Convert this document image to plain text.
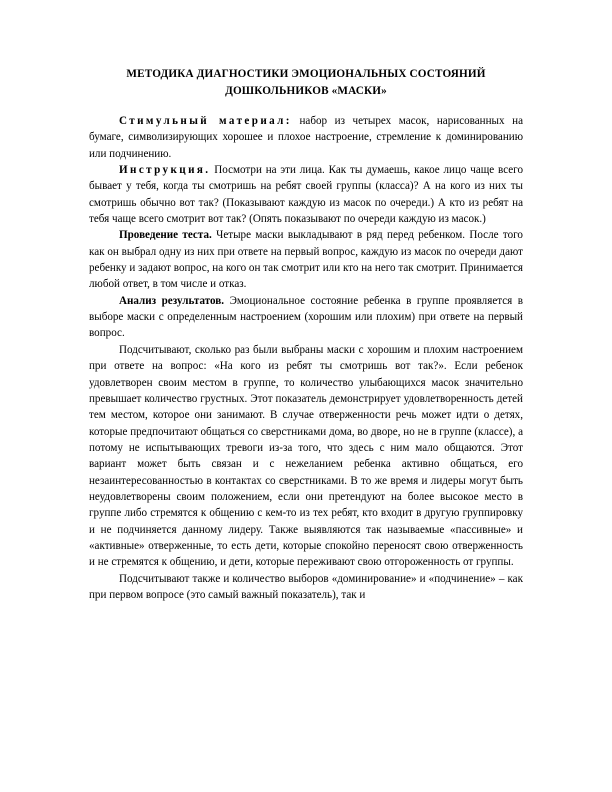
МЕТОДИКА ДИАГНОСТИКИ ЭМОЦИОНАЛЬНЫХ СОСТОЯНИЙ ДОШКОЛЬНИКОВ «МАСКИ»

Стимульный материал: набор из четырех масок, нарисованных на бумаге, символизирующих хорошее и плохое настроение, стремление к доминированию или подчинению.

Инструкция. Посмотри на эти лица. Как ты думаешь, какое лицо чаще всего бывает у тебя, когда ты смотришь на ребят своей группы (класса)? А на кого из них ты смотришь обычно вот так? (Показывают каждую из масок по очереди.) А кто из ребят на тебя чаще всего смотрит вот так? (Опять показывают по очереди каждую из масок.)

Проведение теста. Четыре маски выкладывают в ряд перед ребенком. После того как он выбрал одну из них при ответе на первый вопрос, каждую из масок по очереди дают ребенку и задают вопрос, на кого он так смотрит или кто на него так смотрит. Принимается любой ответ, в том числе и отказ.

Анализ результатов. Эмоциональное состояние ребенка в группе проявляется в выборе маски с определенным настроением (хорошим или плохим) при ответе на первый вопрос.

Подсчитывают, сколько раз были выбраны маски с хорошим и плохим настроением при ответе на вопрос: «На кого из ребят ты смотришь вот так?». Если ребенок удовлетворен своим местом в группе, то количество улыбающихся масок значительно превышает количество грустных. Этот показатель демонстрирует удовлетворенность детей тем местом, которое они занимают. В случае отверженности речь может идти о детях, которые предпочитают общаться со сверстниками дома, во дворе, но не в группе (классе), а потому не испытывающих тревоги из-за того, что здесь с ним мало общаются. Этот вариант может быть связан и с нежеланием ребенка активно общаться, его незаинтересованностью в контактах со сверстниками. В то же время и лидеры могут быть неудовлетворены своим положением, если они претендуют на более высокое место в группе либо стремятся к общению с кем-то из тех ребят, кто входит в другую группировку и не подчиняется данному лидеру. Также выявляются так называемые «пассивные» и «активные» отверженные, то есть дети, которые спокойно переносят свою отверженность и не стремятся к общению, и дети, которые переживают свою отгороженность от группы.

Подсчитывают также и количество выборов «доминирование» и «подчинение» – как при первом вопросе (это самый важный показатель), так и
